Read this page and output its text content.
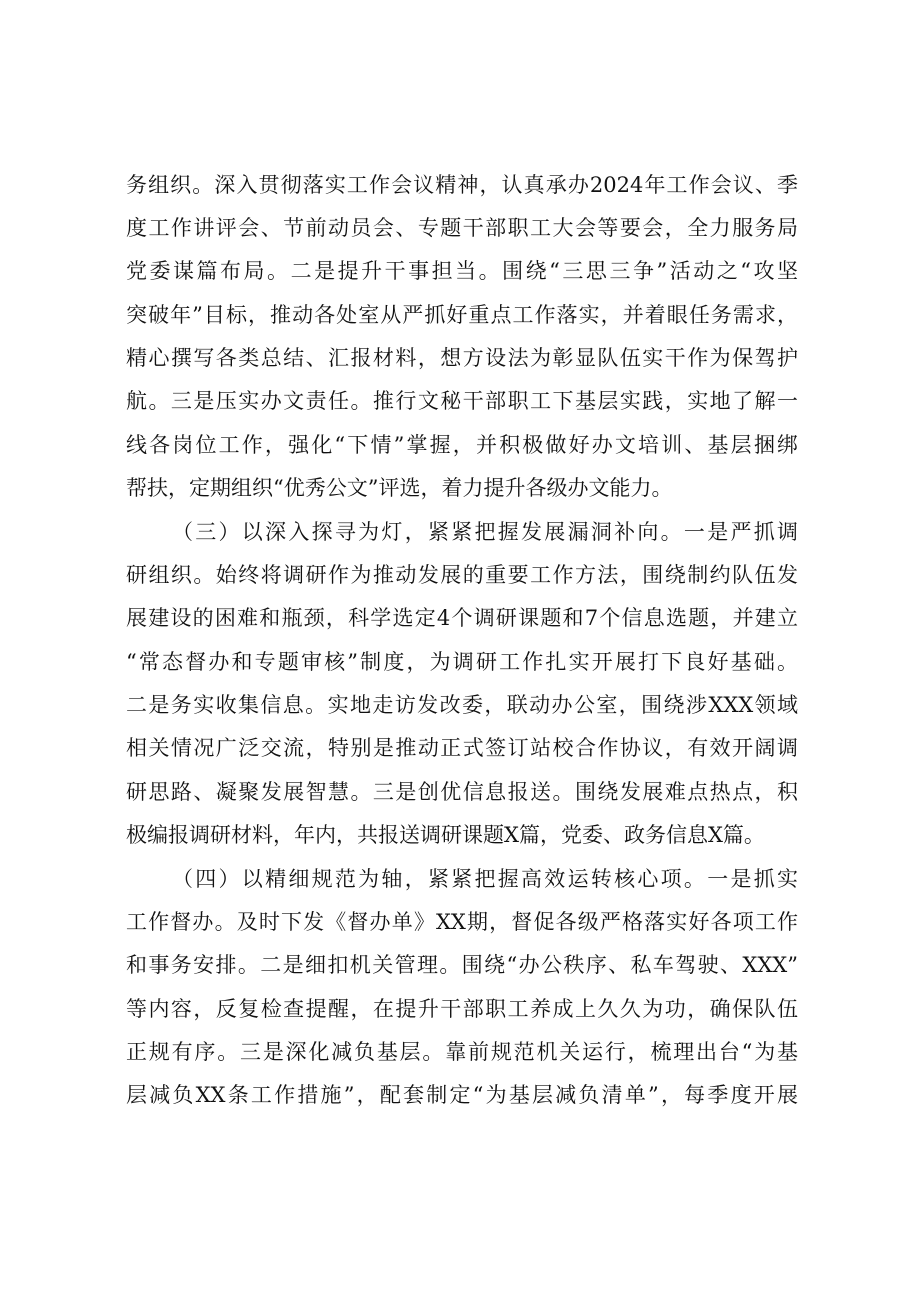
务组织。深入贯彻落实工作会议精神，认真承办2024年工作会议、季
度工作讲评会、节前动员会、专题干部职工大会等要会，全力服务局
党委谋篇布局。二是提升干事担当。围绕“三思三争”活动之“攻坚
突破年”目标，推动各处室从严抓好重点工作落实，并着眼任务需求，
精心撰写各类总结、汇报材料，想方设法为彰显队伍实干作为保驾护
航。三是压实办文责任。推行文秘干部职工下基层实践，实地了解一
线各岗位工作，强化“下情”掌握，并积极做好办文培训、基层捆绑
帮扶，定期组织“优秀公文”评选，着力提升各级办文能力。
（三）以深入探寻为灯，紧紧把握发展漏洞补向。一是严抓调
研组织。始终将调研作为推动发展的重要工作方法，围绕制约队伍发
展建设的困难和瓶颈，科学选定4个调研课题和7个信息选题，并建立
“常态督办和专题审核”制度，为调研工作扎实开展打下良好基础。
二是务实收集信息。实地走访发改委，联动办公室，围绕涉XXX领域
相关情况广泛交流，特别是推动正式签订站校合作协议，有效开阔调
研思路、凝聚发展智慧。三是创优信息报送。围绕发展难点热点，积
极编报调研材料，年内，共报送调研课题X篇，党委、政务信息X篇。
（四）以精细规范为轴，紧紧把握高效运转核心项。一是抓实
工作督办。及时下发《督办单》XX期，督促各级严格落实好各项工作
和事务安排。二是细扣机关管理。围绕“办公秩序、私车驾驶、XXX”
等内容，反复检查提醒，在提升干部职工养成上久久为功，确保队伍
正规有序。三是深化减负基层。靠前规范机关运行，梳理出台“为基
层减负XX条工作措施”，配套制定“为基层减负清单”，每季度开展
